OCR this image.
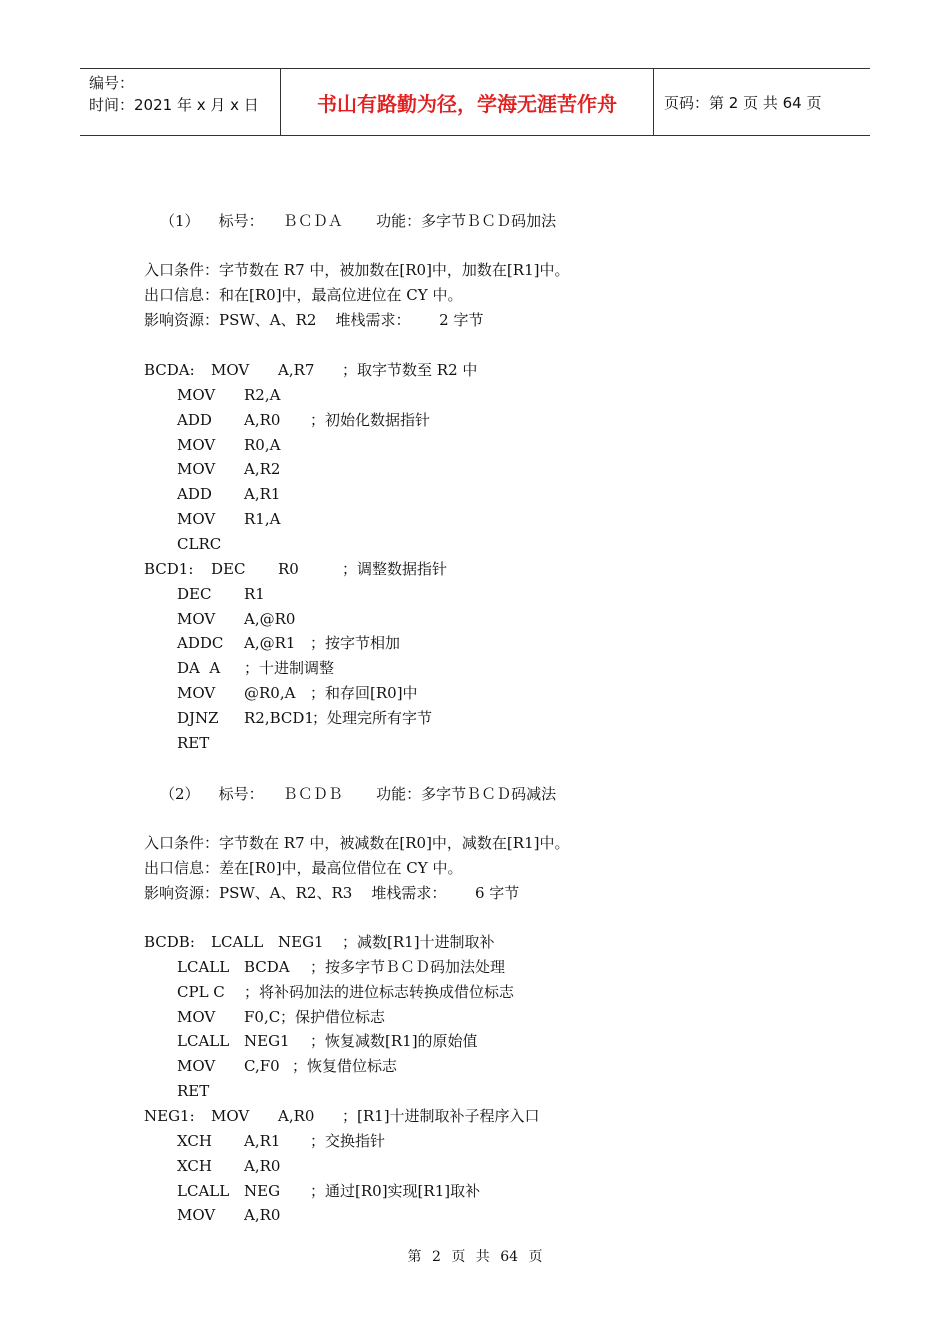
编号：
时间：2021 年 x 月 x 日	书山有路勤为径，学海无涯苦作舟	页码：第 2 页 共 64 页
（1）    标号：    ＢＣＤＡ       功能：多字节ＢＣＤ码加法
入口条件：字节数在 R7 中，被加数在[R0]中，加数在[R1]中。
出口信息：和在[R0]中，最高位进位在 CY 中。
影响资源：PSW、A、R2    堆栈需求：      2 字节
BCDA: MOV A,R7 ；取字节数至 R2 中
MOV R2,A
ADD A,R0 ；初始化数据指针
MOV R0,A
MOV A,R2
ADD A,R1
MOV R1,A
CLRC
BCD1: DEC R0	；调整数据指针
DEC R1
MOV A,@R0
ADDC A,@R1 ；按字节相加
DA  A ；十进制调整
MOV @R0,A ；和存回[R0]中
DJNZ R2,BCD1
；处理完所有字节
RET
（2）    标号：    ＢＣＤＢ       功能：多字节ＢＣＤ码减法
入口条件：字节数在 R7 中，被减数在[R0]中，减数在[R1]中。
出口信息：差在[R0]中，最高位借位在 CY 中。
影响资源：PSW、A、R2、R3    堆栈需求：      6 字节
BCDB: LCALL NEG1 ；减数[R1]十进制取补
LCALL BCDA ；按多字节ＢＣＤ码加法处理
CPL C ；将补码加法的进位标志转换成借位标志
MOV F0,C ；保护借位标志
LCALL NEG1 ；恢复减数[R1]的原始值
MOV C,F0 ；恢复借位标志
RET
NEG1: MOV A,R0 ；[R1]十进制取补子程序入口
XCH A,R1 ；交换指针
XCH A,R0
LCALL NEG ；通过[R0]实现[R1]取补
MOV A,R0
第 2 页 共 64 页
